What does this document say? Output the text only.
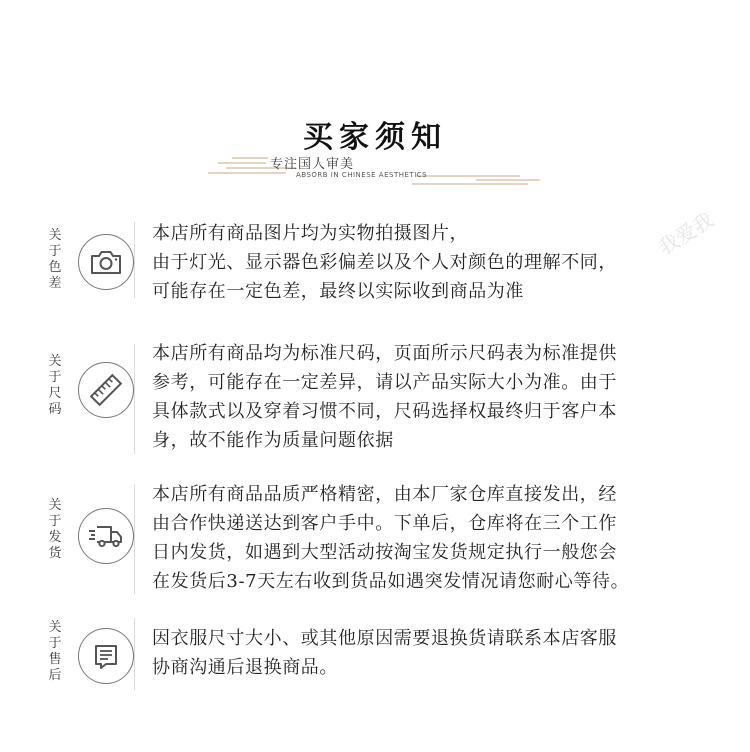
买家须知
专注国人审美
ABSORB IN CHINESE AESTHETICS
我爱我
关
于
色
差
本店所有商品图片均为实物拍摄图片，
由于灯光、显示器色彩偏差以及个人对颜色的理解不同，
可能存在一定色差，最终以实际收到商品为准
关
于
尺
码
本店所有商品均为标准尺码，页面所示尺码表为标准提供
参考，可能存在一定差异，请以产品实际大小为准。由于
具体款式以及穿着习惯不同，尺码选择权最终归于客户本
身，故不能作为质量问题依据
关
于
发
货
本店所有商品品质严格精密，由本厂家仓库直接发出，经
由合作快递送达到客户手中。下单后，仓库将在三个工作
日内发货，如遇到大型活动按淘宝发货规定执行一般您会
在发货后3-7天左右收到货品如遇突发情况请您耐心等待。
关
于
售
后
因衣服尺寸大小、或其他原因需要退换货请联系本店客服
协商沟通后退换商品。
